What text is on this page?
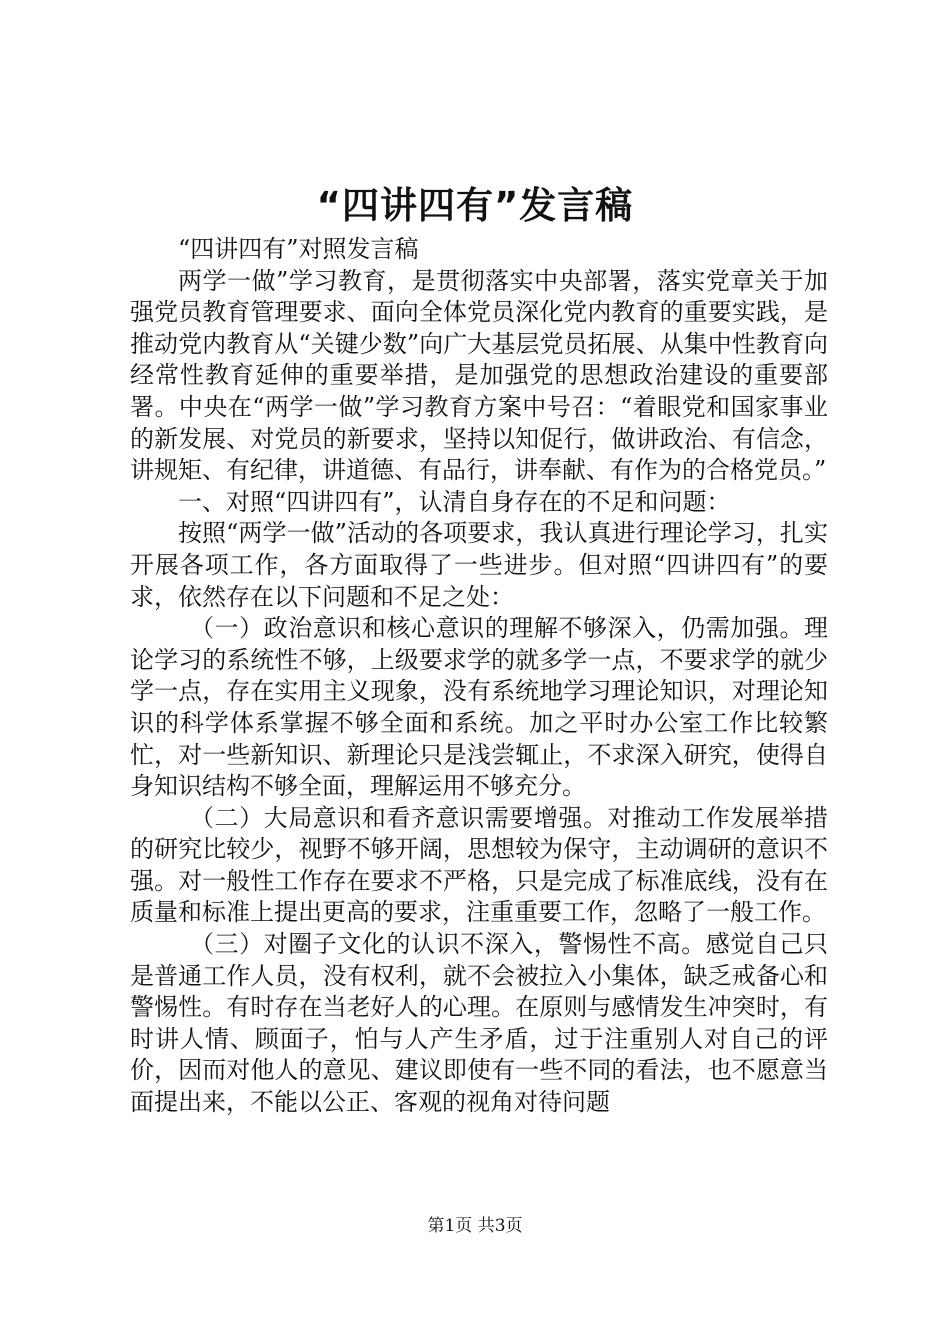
“四讲四有”发言稿

“四讲四有”对照发言稿

两学一做”学习教育，是贯彻落实中央部署，落实党章关于加强党员教育管理要求、面向全体党员深化党内教育的重要实践，是推动党内教育从“关键少数”向广大基层党员拓展、从集中性教育向经常性教育延伸的重要举措，是加强党的思想政治建设的重要部署。中央在“两学一做”学习教育方案中号召：“着眼党和国家事业的新发展、对党员的新要求，坚持以知促行，做讲政治、有信念，讲规矩、有纪律，讲道德、有品行，讲奉献、有作为的合格党员。”

一、对照“四讲四有”，认清自身存在的不足和问题：

按照“两学一做”活动的各项要求，我认真进行理论学习，扎实开展各项工作，各方面取得了一些进步。但对照“四讲四有”的要求，依然存在以下问题和不足之处：

（一）政治意识和核心意识的理解不够深入，仍需加强。理论学习的系统性不够，上级要求学的就多学一点，不要求学的就少学一点，存在实用主义现象，没有系统地学习理论知识，对理论知识的科学体系掌握不够全面和系统。加之平时办公室工作比较繁忙，对一些新知识、新理论只是浅尝辄止，不求深入研究，使得自身知识结构不够全面，理解运用不够充分。

（二）大局意识和看齐意识需要增强。对推动工作发展举措的研究比较少，视野不够开阔，思想较为保守，主动调研的意识不强。对一般性工作存在要求不严格，只是完成了标准底线，没有在质量和标准上提出更高的要求，注重重要工作，忽略了一般工作。

（三）对圈子文化的认识不深入，警惕性不高。感觉自己只是普通工作人员，没有权利，就不会被拉入小集体，缺乏戒备心和警惕性。有时存在当老好人的心理。在原则与感情发生冲突时，有时讲人情、顾面子，怕与人产生矛盾，过于注重别人对自己的评价，因而对他人的意见、建议即使有一些不同的看法，也不愿意当面提出来，不能以公正、客观的视角对待问题

第1页 共3页
